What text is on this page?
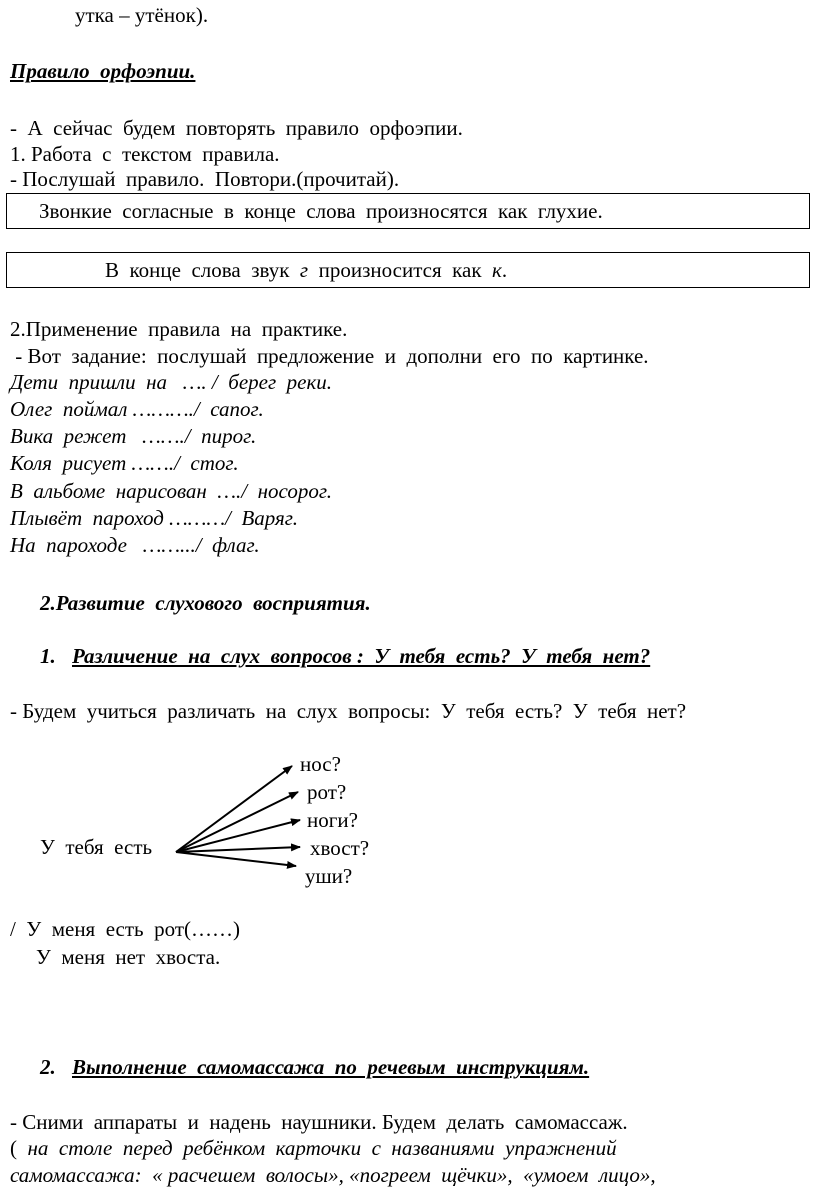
утка – утёнок).
Правило  орфоэпии.
-  А  сейчас  будем  повторять  правило  орфоэпии.
1. Работа  с  текстом  правила.
- Послушай  правило.  Повтори.(прочитай).
Звонкие  согласные  в  конце  слова  произносятся  как  глухие.
В  конце  слова  звук  г  произносится  как  к.
2.Применение  правила  на  практике.
- Вот  задание:  послушай  предложение  и  дополни  его  по  картинке.
Дети  пришли  на   …. /  берег  реки.
Олег  поймал ………./  сапог.
Вика  режет   ……./  пирог.
Коля  рисует ……./  стог.
В  альбоме  нарисован  …./  носорог.
Плывёт  пароход ………/  Варяг.
На  пароходе   …….../  флаг.
2.Развитие  слухового  восприятия.
1. Различение  на  слух  вопросов :  У  тебя  есть?  У  тебя  нет?
- Будем  учиться  различать  на  слух  вопросы:  У  тебя  есть?  У  тебя  нет?
У  тебя  есть
нос?
рот?
ноги?
хвост?
уши?
/  У  меня  есть  рот(……)
У  меня  нет  хвоста.
2. Выполнение  самомассажа  по  речевым  инструкциям.
- Сними  аппараты  и  надень  наушники. Будем  делать  самомассаж.
(  на  столе  перед  ребёнком  карточки  с  названиями  упражнений
самомассажа:  « расчешем  волосы», «погреем  щёчки»,  «умоем  лицо»,
